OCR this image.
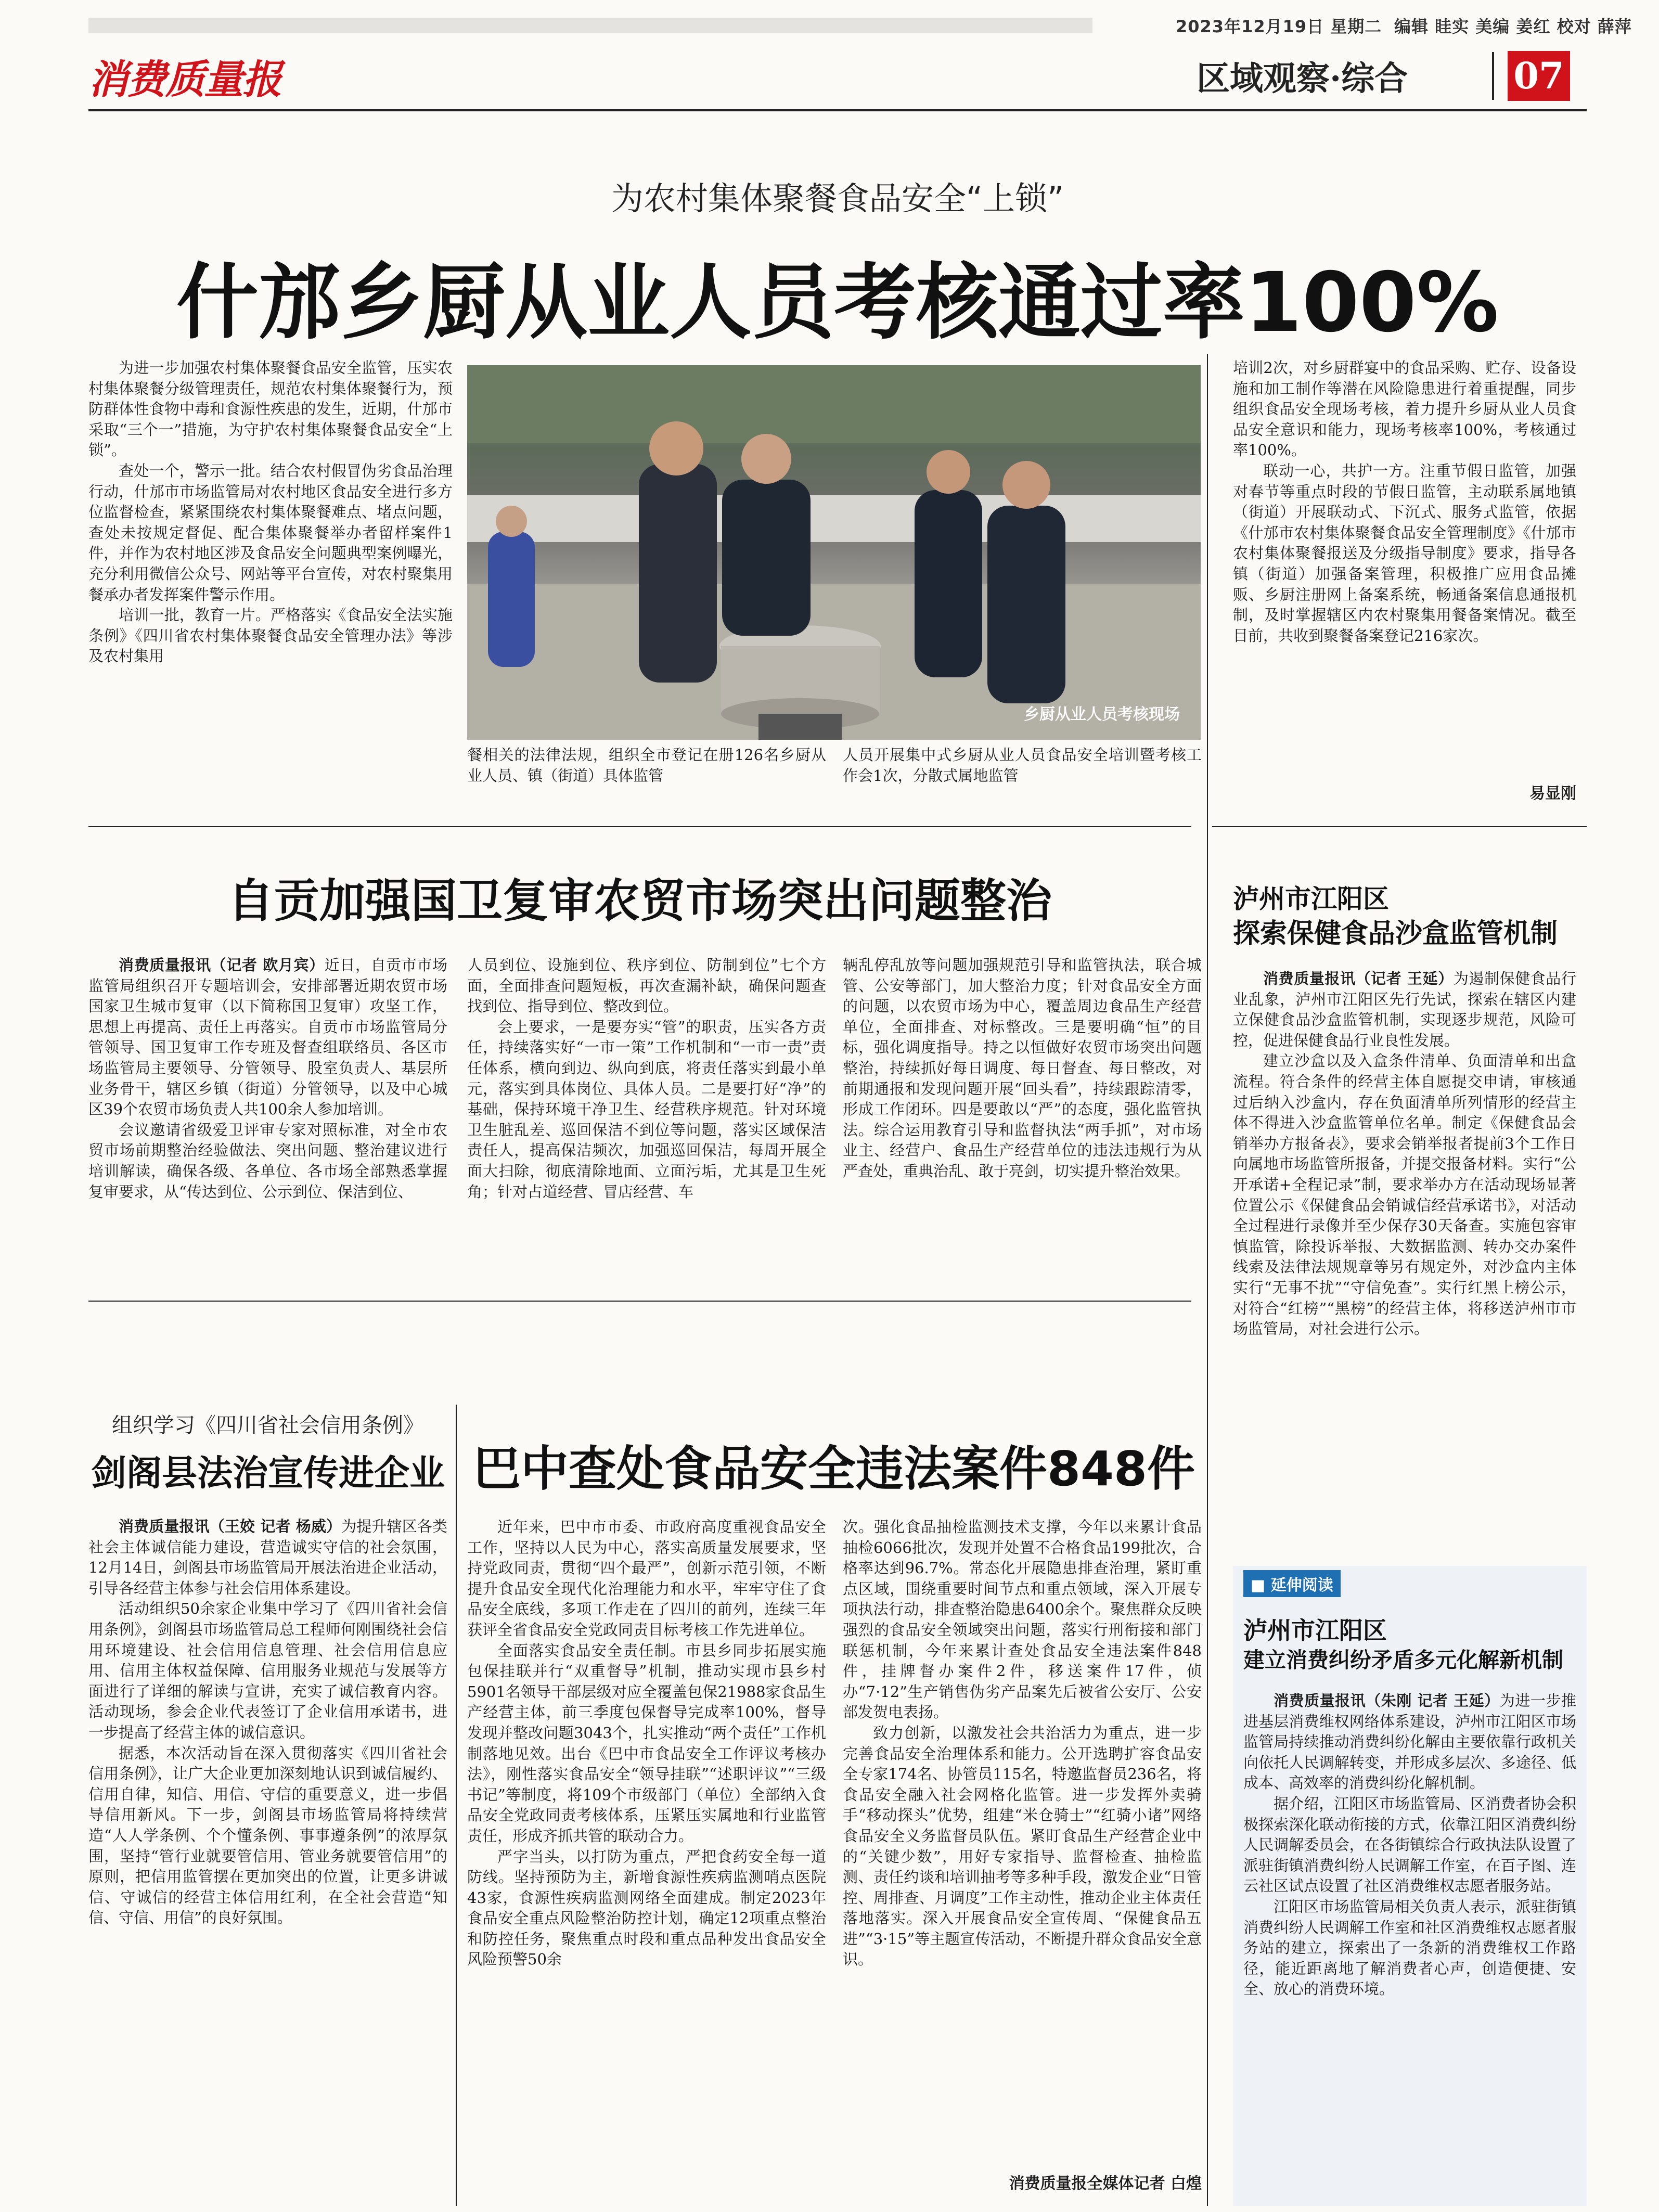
2023年12月19日 星期二 编辑 眭实 美编 姜红 校对 薛萍
消费质量报	区域观察·综合	07
为农村集体聚餐食品安全“上锁”
什邡乡厨从业人员考核通过率100%

为进一步加强农村集体聚餐食品安全监管，压实农村集体聚餐分级管理责任，规范农村集体聚餐行为，预防群体性食物中毒和食源性疾患的发生，近期，什邡市采取“三个一”措施，为守护农村集体聚餐食品安全“上锁”。

查处一个，警示一批。结合农村假冒伪劣食品治理行动，什邡市市场监管局对农村地区食品安全进行多方位监督检查，紧紧围绕农村集体聚餐难点、堵点问题，查处未按规定督促、配合集体聚餐举办者留样案件1件，并作为农村地区涉及食品安全问题典型案例曝光，充分利用微信公众号、网站等平台宣传，对农村聚集用餐承办者发挥案件警示作用。

培训一批，教育一片。严格落实《食品安全法实施条例》《四川省农村集体聚餐食品安全管理办法》等涉及农村集用

乡厨从业人员考核现场

餐相关的法律法规，组织全市登记在册126名乡厨从业人员、镇（街道）具体监管

人员开展集中式乡厨从业人员食品安全培训暨考核工作会1次，分散式属地监管

培训2次，对乡厨群宴中的食品采购、贮存、设备设施和加工制作等潜在风险隐患进行着重提醒，同步组织食品安全现场考核，着力提升乡厨从业人员食品安全意识和能力，现场考核率100%，考核通过率100%。

联动一心，共护一方。注重节假日监管，加强对春节等重点时段的节假日监管，主动联系属地镇（街道）开展联动式、下沉式、服务式监管，依据《什邡市农村集体聚餐食品安全管理制度》《什邡市农村集体聚餐报送及分级指导制度》要求，指导各镇（街道）加强备案管理，积极推广应用食品摊贩、乡厨注册网上备案系统，畅通备案信息通报机制，及时掌握辖区内农村聚集用餐备案情况。截至目前，共收到聚餐备案登记216家次。

易显刚
自贡加强国卫复审农贸市场突出问题整治

消费质量报讯（记者 欧月宾）近日，自贡市市场监管局组织召开专题培训会，安排部署近期农贸市场国家卫生城市复审（以下简称国卫复审）攻坚工作，思想上再提高、责任上再落实。自贡市市场监管局分管领导、国卫复审工作专班及督查组联络员、各区市场监管局主要领导、分管领导、股室负责人、基层所业务骨干，辖区乡镇（街道）分管领导，以及中心城区39个农贸市场负责人共100余人参加培训。

会议邀请省级爱卫评审专家对照标准，对全市农贸市场前期整治经验做法、突出问题、整治建议进行培训解读，确保各级、各单位、各市场全部熟悉掌握复审要求，从“传达到位、公示到位、保洁到位、

人员到位、设施到位、秩序到位、防制到位”七个方面，全面排查问题短板，再次查漏补缺，确保问题查找到位、指导到位、整改到位。

会上要求，一是要夯实“管”的职责，压实各方责任，持续落实好“一市一策”工作机制和“一市一责”责任体系，横向到边、纵向到底，将责任落实到最小单元，落实到具体岗位、具体人员。二是要打好“净”的基础，保持环境干净卫生、经营秩序规范。针对环境卫生脏乱差、巡回保洁不到位等问题，落实区域保洁责任人，提高保洁频次，加强巡回保洁，每周开展全面大扫除，彻底清除地面、立面污垢，尤其是卫生死角；针对占道经营、冒店经营、车

辆乱停乱放等问题加强规范引导和监管执法，联合城管、公安等部门，加大整治力度；针对食品安全方面的问题，以农贸市场为中心，覆盖周边食品生产经营单位，全面排查、对标整改。三是要明确“恒”的目标，强化调度指导。持之以恒做好农贸市场突出问题整治，持续抓好每日调度、每日督查、每日整改，对前期通报和发现问题开展“回头看”，持续跟踪清零，形成工作闭环。四是要敢以“严”的态度，强化监管执法。综合运用教育引导和监督执法“两手抓”，对市场业主、经营户、食品生产经营单位的违法违规行为从严查处，重典治乱、敢于亮剑，切实提升整治效果。

泸州市江阳区
探索保健食品沙盒监管机制

消费质量报讯（记者 王延）为遏制保健食品行业乱象，泸州市江阳区先行先试，探索在辖区内建立保健食品沙盒监管机制，实现逐步规范，风险可控，促进保健食品行业良性发展。

建立沙盒以及入盒条件清单、负面清单和出盒流程。符合条件的经营主体自愿提交申请，审核通过后纳入沙盒内，存在负面清单所列情形的经营主体不得进入沙盒监管单位名单。制定《保健食品会销举办方报备表》，要求会销举报者提前3个工作日向属地市场监管所报备，并提交报备材料。实行“公开承诺+全程记录”制，要求举办方在活动现场显著位置公示《保健食品会销诚信经营承诺书》，对活动全过程进行录像并至少保存30天备查。实施包容审慎监管，除投诉举报、大数据监测、转办交办案件线索及法律法规规章等另有规定外，对沙盒内主体实行“无事不扰”“守信免查”。实行红黑上榜公示，对符合“红榜”“黑榜”的经营主体，将移送泸州市市场监管局，对社会进行公示。

组织学习《四川省社会信用条例》
剑阁县法治宣传进企业

消费质量报讯（王姣 记者 杨威）为提升辖区各类社会主体诚信能力建设，营造诚实守信的社会氛围，12月14日，剑阁县市场监管局开展法治进企业活动，引导各经营主体参与社会信用体系建设。

活动组织50余家企业集中学习了《四川省社会信用条例》，剑阁县市场监管局总工程师何刚围绕社会信用环境建设、社会信用信息管理、社会信用信息应用、信用主体权益保障、信用服务业规范与发展等方面进行了详细的解读与宣讲，充实了诚信教育内容。活动现场，参会企业代表签订了企业信用承诺书，进一步提高了经营主体的诚信意识。

据悉，本次活动旨在深入贯彻落实《四川省社会信用条例》，让广大企业更加深刻地认识到诚信履约、信用自律，知信、用信、守信的重要意义，进一步倡导信用新风。下一步，剑阁县市场监管局将持续营造“人人学条例、个个懂条例、事事遵条例”的浓厚氛围，坚持“管行业就要管信用、管业务就要管信用”的原则，把信用监管摆在更加突出的位置，让更多讲诚信、守诚信的经营主体信用红利，在全社会营造“知信、守信、用信”的良好氛围。

巴中查处食品安全违法案件848件

近年来，巴中市市委、市政府高度重视食品安全工作，坚持以人民为中心，落实高质量发展要求，坚持党政同责，贯彻“四个最严”，创新示范引领，不断提升食品安全现代化治理能力和水平，牢牢守住了食品安全底线，多项工作走在了四川的前列，连续三年获评全省食品安全党政同责目标考核工作先进单位。

全面落实食品安全责任制。市县乡同步拓展实施包保挂联并行“双重督导”机制，推动实现市县乡村5901名领导干部层级对应全覆盖包保21988家食品生产经营主体，前三季度包保督导完成率100%，督导发现并整改问题3043个，扎实推动“两个责任”工作机制落地见效。出台《巴中市食品安全工作评议考核办法》，刚性落实食品安全“领导挂联”“述职评议”“三级书记”等制度，将109个市级部门（单位）全部纳入食品安全党政同责考核体系，压紧压实属地和行业监管责任，形成齐抓共管的联动合力。

严字当头，以打防为重点，严把食药安全每一道防线。坚持预防为主，新增食源性疾病监测哨点医院43家，食源性疾病监测网络全面建成。制定2023年食品安全重点风险整治防控计划，确定12项重点整治和防控任务，聚焦重点时段和重点品种发出食品安全风险预警50余

次。强化食品抽检监测技术支撑，今年以来累计食品抽检6066批次，发现并处置不合格食品199批次，合格率达到96.7%。常态化开展隐患排查治理，紧盯重点区域，围绕重要时间节点和重点领域，深入开展专项执法行动，排查整治隐患6400余个。聚焦群众反映强烈的食品安全领域突出问题，落实行刑衔接和部门联惩机制，今年来累计查处食品安全违法案件848件，挂牌督办案件2件，移送案件17件，侦办“7·12”生产销售伪劣产品案先后被省公安厅、公安部发贺电表扬。

致力创新，以激发社会共治活力为重点，进一步完善食品安全治理体系和能力。公开选聘扩容食品安全专家174名、协管员115名，特邀监督员236名，将食品安全融入社会网格化监管。进一步发挥外卖骑手“移动探头”优势，组建“米仓骑士”“红骑小诸”网络食品安全义务监督员队伍。紧盯食品生产经营企业中的“关键少数”，用好专家指导、监督检查、抽检监测、责任约谈和培训抽考等多种手段，激发企业“日管控、周排查、月调度”工作主动性，推动企业主体责任落地落实。深入开展食品安全宣传周、“保健食品五进”“3·15”等主题宣传活动，不断提升群众食品安全意识。

消费质量报全媒体记者 白煌
■ 延伸阅读
泸州市江阳区
建立消费纠纷矛盾多元化解新机制

消费质量报讯（朱刚 记者 王延）为进一步推进基层消费维权网络体系建设，泸州市江阳区市场监管局持续推动消费纠纷化解由主要依靠行政机关向依托人民调解转变，并形成多层次、多途径、低成本、高效率的消费纠纷化解机制。

据介绍，江阳区市场监管局、区消费者协会积极探索深化联动衔接的方式，依靠江阳区消费纠纷人民调解委员会，在各街镇综合行政执法队设置了派驻街镇消费纠纷人民调解工作室，在百子图、连云社区试点设置了社区消费维权志愿者服务站。

江阳区市场监管局相关负责人表示，派驻街镇消费纠纷人民调解工作室和社区消费维权志愿者服务站的建立，探索出了一条新的消费维权工作路径，能近距离地了解消费者心声，创造便捷、安全、放心的消费环境。
